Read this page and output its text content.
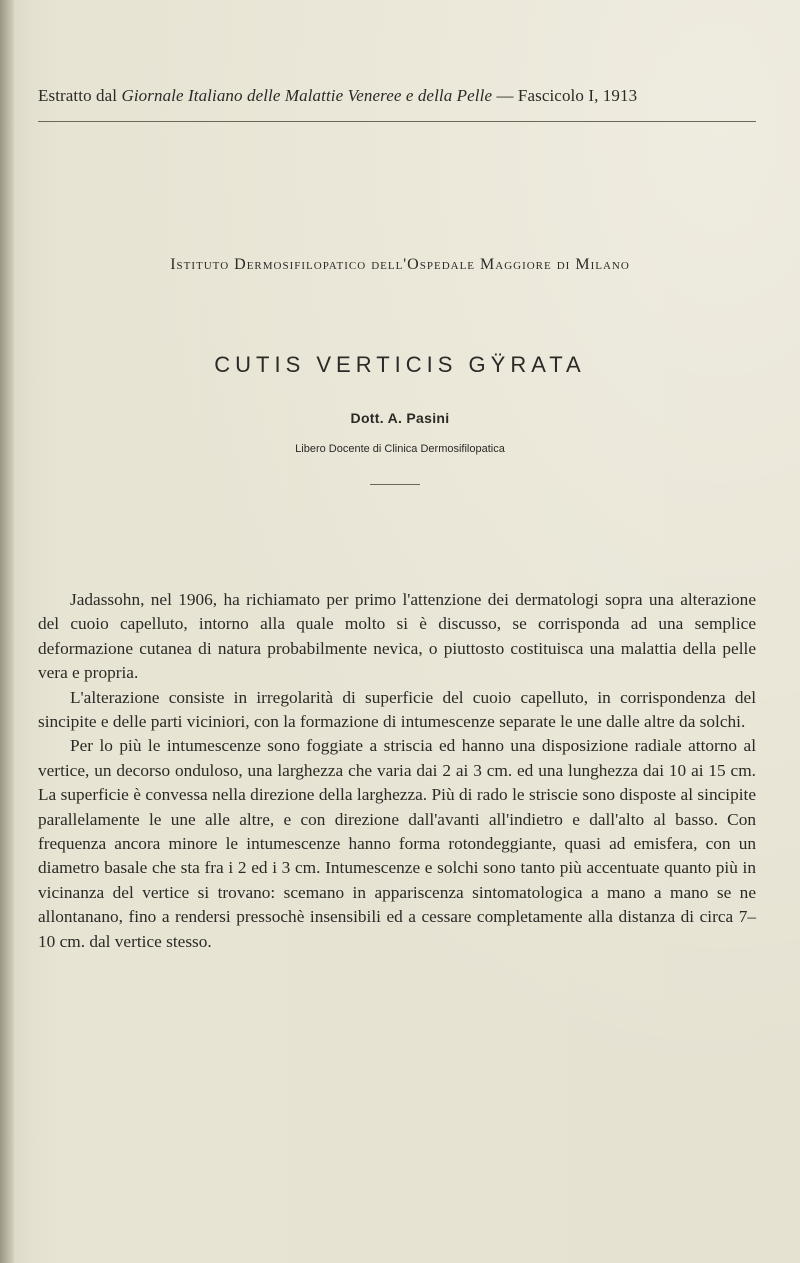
Estratto dal Giornale Italiano delle Malattie Veneree e della Pelle — Fascicolo I, 1913
Istituto Dermosifilopatico dell'Ospedale Maggiore di Milano
CUTIS VERTICIS GŸRATA
Dott. A. Pasini
Libero Docente di Clinica Dermosifilopatica

Jadassohn, nel 1906, ha richiamato per primo l'attenzione dei dermatologi sopra una alterazione del cuoio capelluto, intorno alla quale molto si è discusso, se corrisponda ad una semplice deformazione cutanea di natura probabilmente nevica, o piuttosto costituisca una malattia della pelle vera e propria.

L'alterazione consiste in irregolarità di superficie del cuoio capelluto, in corrispondenza del sincipite e delle parti viciniori, con la formazione di intumescenze separate le une dalle altre da solchi.

Per lo più le intumescenze sono foggiate a striscia ed hanno una disposizione radiale attorno al vertice, un decorso onduloso, una larghezza che varia dai 2 ai 3 cm. ed una lunghezza dai 10 ai 15 cm. La superficie è convessa nella direzione della larghezza. Più di rado le striscie sono disposte al sincipite parallelamente le une alle altre, e con direzione dall'avanti all'indietro e dall'alto al basso. Con frequenza ancora minore le intumescenze hanno forma rotondeggiante, quasi ad emisfera, con un diametro basale che sta fra i 2 ed i 3 cm. Intumescenze e solchi sono tanto più accentuate quanto più in vicinanza del vertice si trovano: scemano in appariscenza sintomatologica a mano a mano se ne allontanano, fino a rendersi pressochè insensibili ed a cessare completamente alla distanza di circa 7–10 cm. dal vertice stesso.
